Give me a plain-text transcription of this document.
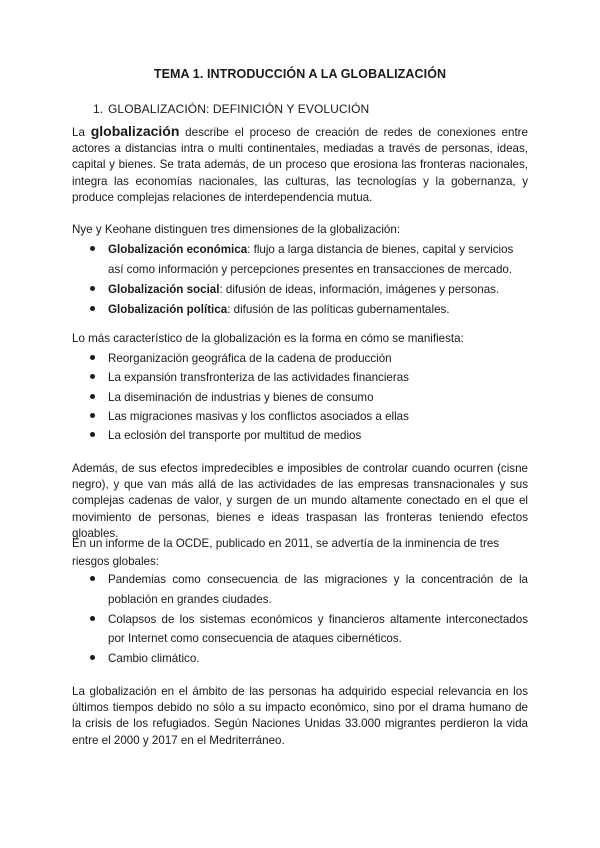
TEMA 1. INTRODUCCIÓN A LA GLOBALIZACIÓN
1. GLOBALIZACIÓN: DEFINICIÓN Y EVOLUCIÓN

La globalización describe el proceso de creación de redes de conexiones entre actores a distancias intra o multi continentales, mediadas a través de personas, ideas, capital y bienes. Se trata además, de un proceso que erosiona las fronteras nacionales, integra las economías nacionales, las culturas, las tecnologías y la gobernanza, y produce complejas relaciones de interdependencia mutua.

Nye y Keohane distinguen tres dimensiones de la globalización:

Globalización económica: flujo a larga distancia de bienes, capital y servicios así como información y percepciones presentes en transacciones de mercado.
Globalización social: difusión de ideas, información, imágenes y personas.
Globalización política: difusión de las políticas gubernamentales.

Lo más característico de la globalización es la forma en cómo se manifiesta:

Reorganización geográfica de la cadena de producción
La expansión transfronteriza de las actividades financieras
La diseminación de industrias y bienes de consumo
Las migraciones masivas y los conflictos asociados a ellas
La eclosión del transporte por multitud de medios

Además, de sus efectos impredecibles e imposibles de controlar cuando ocurren (cisne negro), y que van más allá de las actividades de las empresas transnacionales y sus complejas cadenas de valor, y surgen de un mundo altamente conectado en el que el movimiento de personas, bienes e ideas traspasan las fronteras teniendo efectos gloables.

En un informe de la OCDE, publicado en 2011, se advertía de la inminencia de tres riesgos globales:

Pandemias como consecuencia de las migraciones y la concentración de la población en grandes ciudades.
Colapsos de los sistemas económicos y financieros altamente interconectados por Internet como consecuencia de ataques cibernéticos.
Cambio climático.

La globalización en el ámbito de las personas ha adquirido especial relevancia en los últimos tiempos debido no sólo a su impacto económico, sino por el drama humano de la crisis de los refugiados. Según Naciones Unidas 33.000 migrantes perdieron la vida entre el 2000 y 2017 en el Medriterráneo.
